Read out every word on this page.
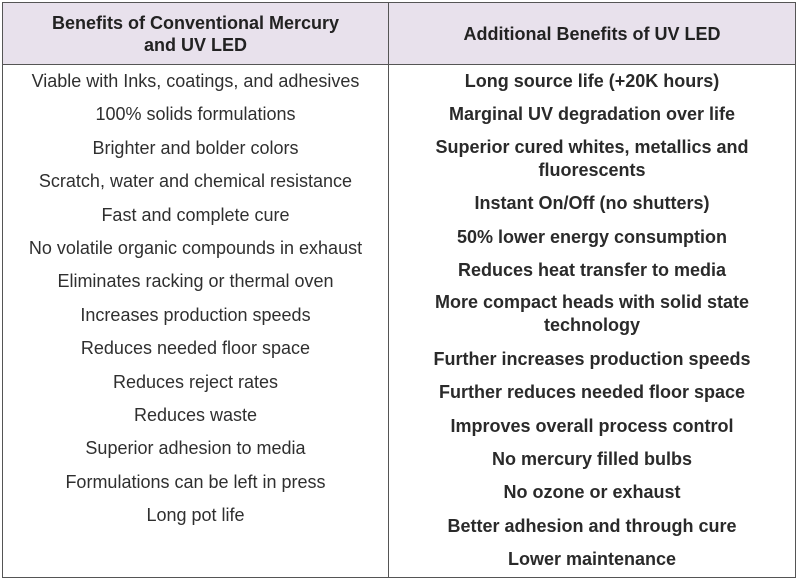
Benefits of Conventional Mercury and UV LED
Additional Benefits of UV LED
Viable with Inks, coatings, and adhesives
100% solids formulations
Brighter and bolder colors
Scratch, water and chemical resistance
Fast and complete cure
No volatile organic compounds in exhaust
Eliminates racking or thermal oven
Increases production speeds
Reduces needed floor space
Reduces reject rates
Reduces waste
Superior adhesion to media
Formulations can be left in press
Long pot life
Long source life (+20K hours)
Marginal UV degradation over life
Superior cured whites, metallics and fluorescents
Instant On/Off (no shutters)
50% lower energy consumption
Reduces heat transfer to media
More compact heads with solid state technology
Further increases production speeds
Further reduces needed floor space
Improves overall process control
No mercury filled bulbs
No ozone or exhaust
Better adhesion and through cure
Lower maintenance
